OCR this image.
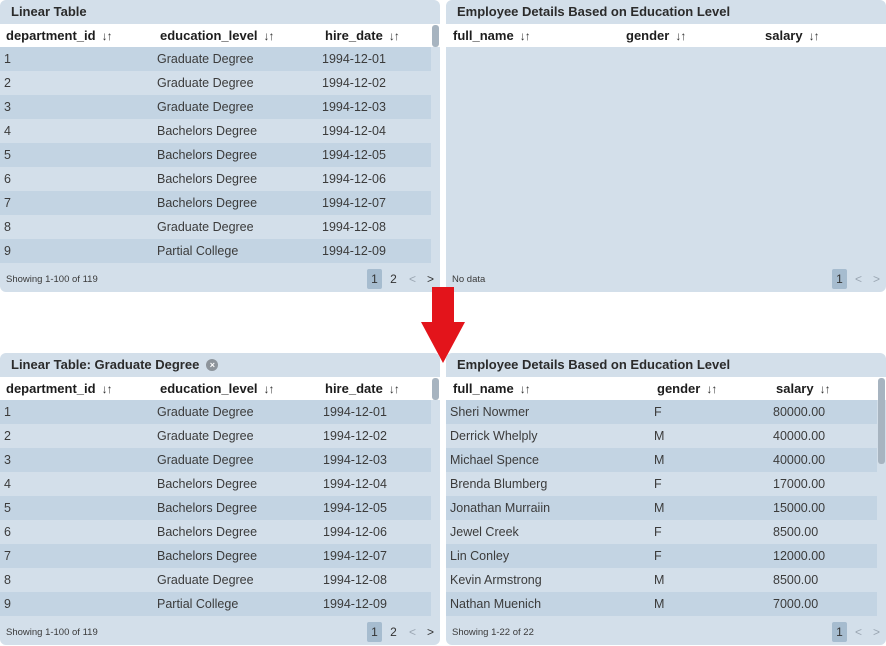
Linear Table
department_id ↓↑	education_level ↓↑	hire_date ↓↑
1	Graduate Degree	1994-12-01
2	Graduate Degree	1994-12-02
3	Graduate Degree	1994-12-03
4	Bachelors Degree	1994-12-04
5	Bachelors Degree	1994-12-05
6	Bachelors Degree	1994-12-06
7	Bachelors Degree	1994-12-07
8	Graduate Degree	1994-12-08
9	Partial College	1994-12-09
Showing 1-100 of 119	1	2	< >
Employee Details Based on Education Level
full_name ↓↑	gender ↓↑	salary ↓↑
No data	1	< >
Linear Table: Graduate Degree ×
department_id ↓↑	education_level ↓↑	hire_date ↓↑
1	Graduate Degree	1994-12-01
2	Graduate Degree	1994-12-02
3	Graduate Degree	1994-12-03
4	Bachelors Degree	1994-12-04
5	Bachelors Degree	1994-12-05
6	Bachelors Degree	1994-12-06
7	Bachelors Degree	1994-12-07
8	Graduate Degree	1994-12-08
9	Partial College	1994-12-09
Showing 1-100 of 119	1	2	< >
Employee Details Based on Education Level
full_name ↓↑	gender ↓↑	salary ↓↑
Sheri Nowmer	F	80000.00
Derrick Whelply	M	40000.00
Michael Spence	M	40000.00
Brenda Blumberg	F	17000.00
Jonathan Murraiin	M	15000.00
Jewel Creek	F	8500.00
Lin Conley	F	12000.00
Kevin Armstrong	M	8500.00
Nathan Muenich	M	7000.00
Showing 1-22 of 22	1	< >
